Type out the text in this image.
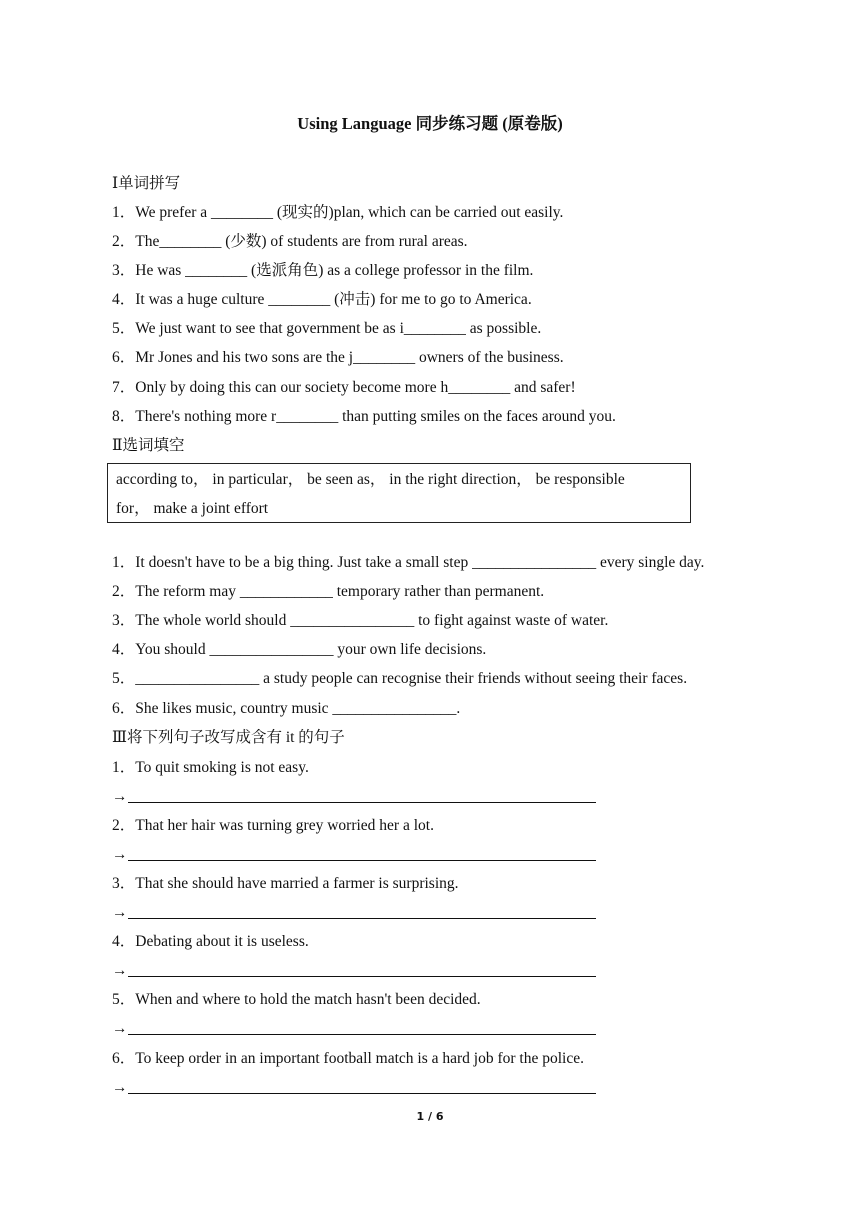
Using Language 同步练习题 (原卷版)
Ⅰ单词拼写
1．We prefer a ________ (现实的)plan, which can be carried out easily.
2．The________ (少数) of students are from rural areas.
3．He was ________ (选派角色) as a college professor in the film.
4．It was a huge culture ________ (冲击) for me to go to America.
5．We just want to see that government be as i________ as possible.
6．Mr Jones and his two sons are the j________ owners of the business.
7．Only by doing this can our society become more h________ and safer!
8．There's nothing more r________ than putting smiles on the faces around you.
Ⅱ选词填空
according to， in particular， be seen as， in the right direction， be responsible
for， make a joint effort
1．It doesn't have to be a big thing. Just take a small step ________________ every single day.
2．The reform may ____________ temporary rather than permanent.
3．The whole world should ________________ to fight against waste of water.
4．You should ________________ your own life decisions.
5．________________ a study people can recognise their friends without seeing their faces.
6．She likes music, country music ________________.
Ⅲ将下列句子改写成含有 it 的句子
1．To quit smoking is not easy.
→
2．That her hair was turning grey worried her a lot.
→
3．That she should have married a farmer is surprising.
→
4．Debating about it is useless.
→
5．When and where to hold the match hasn't been decided.
→
6．To keep order in an important football match is a hard job for the police.
→
1 / 6
